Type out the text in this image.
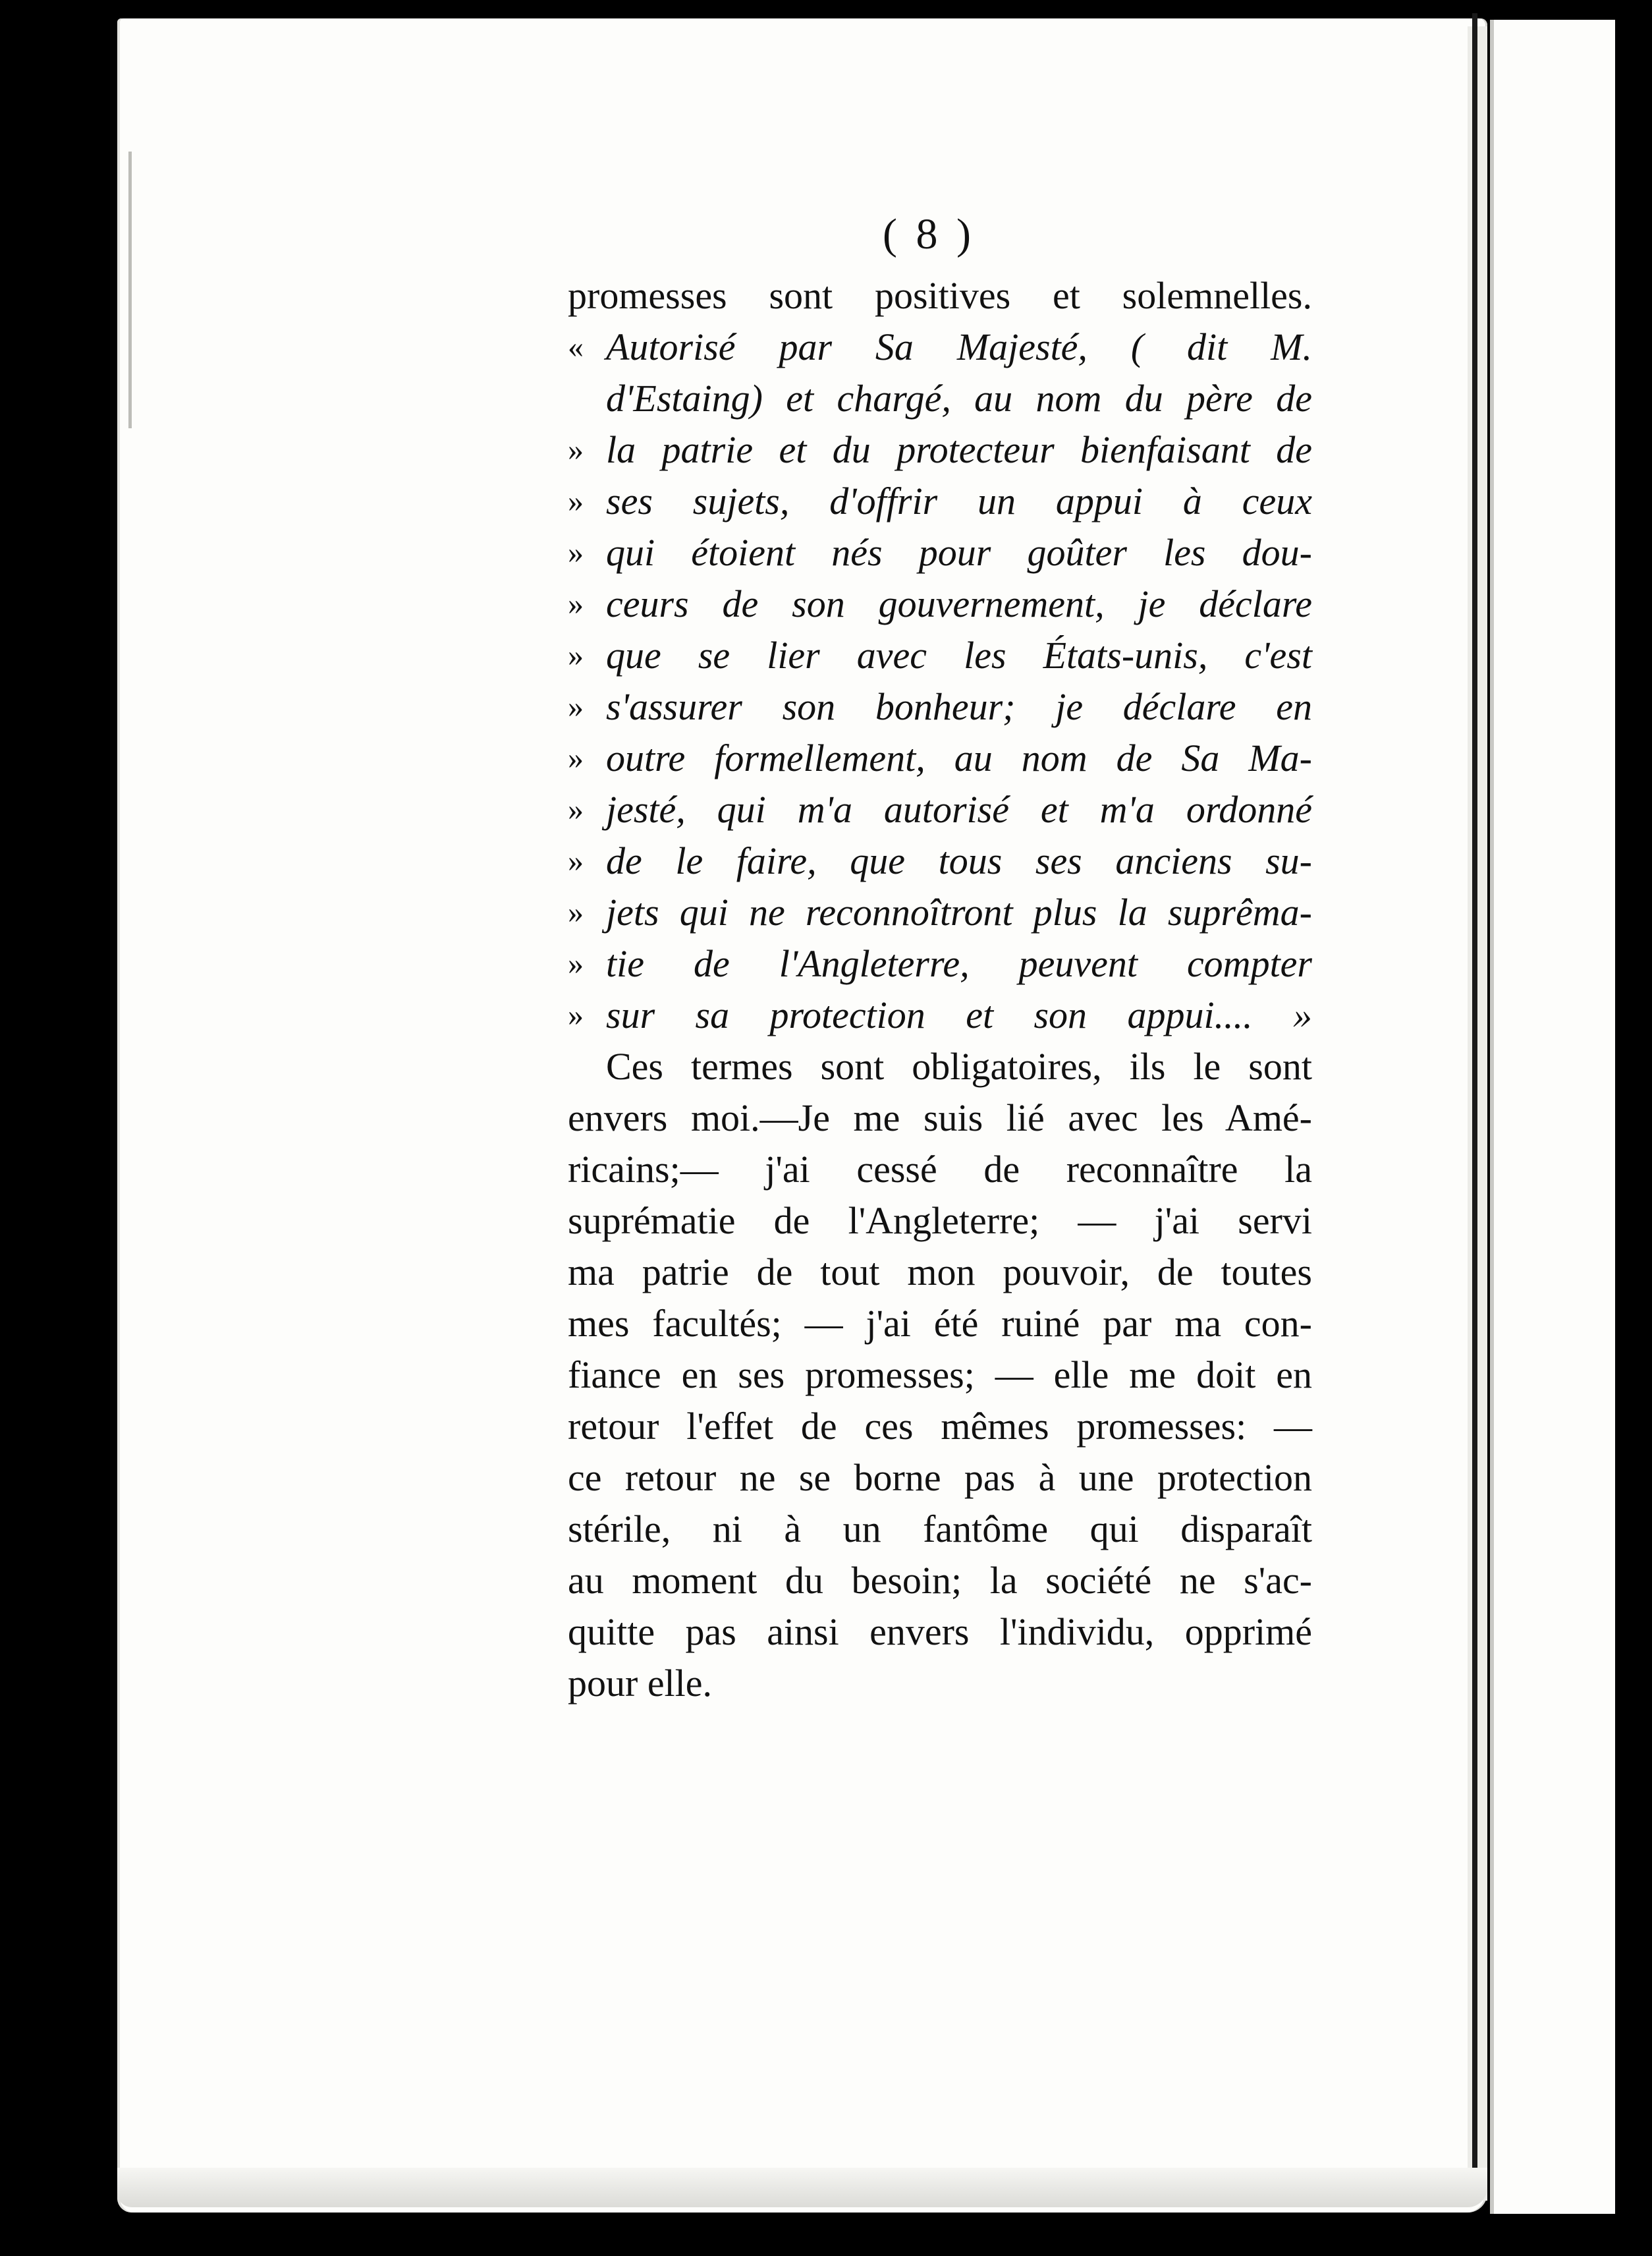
( 8 )
promesses sont positives et solemnelles.
« Autorisé par Sa Majesté, ( dit M.
d'Estaing) et chargé, au nom du père de
» la patrie et du protecteur bienfaisant de
» ses sujets, d'offrir un appui à ceux
» qui étoient nés pour goûter les dou-
» ceurs de son gouvernement, je déclare
» que se lier avec les États-unis, c'est
» s'assurer son bonheur; je déclare en
» outre formellement, au nom de Sa Ma-
» jesté, qui m'a autorisé et m'a ordonné
» de le faire, que tous ses anciens su-
» jets qui ne reconnoîtront plus la suprêma-
» tie de l'Angleterre, peuvent compter
» sur sa protection et son appui.... »
Ces termes sont obligatoires, ils le sont
envers moi.—Je me suis lié avec les Amé-
ricains;— j'ai cessé de reconnaître la
suprématie de l'Angleterre; — j'ai servi
ma patrie de tout mon pouvoir, de toutes
mes facultés; — j'ai été ruiné par ma con-
fiance en ses promesses; — elle me doit en
retour l'effet de ces mêmes promesses: —
ce retour ne se borne pas à une protection
stérile, ni à un fantôme qui disparaît
au moment du besoin; la société ne s'ac-
quitte pas ainsi envers l'individu, opprimé
pour elle.
